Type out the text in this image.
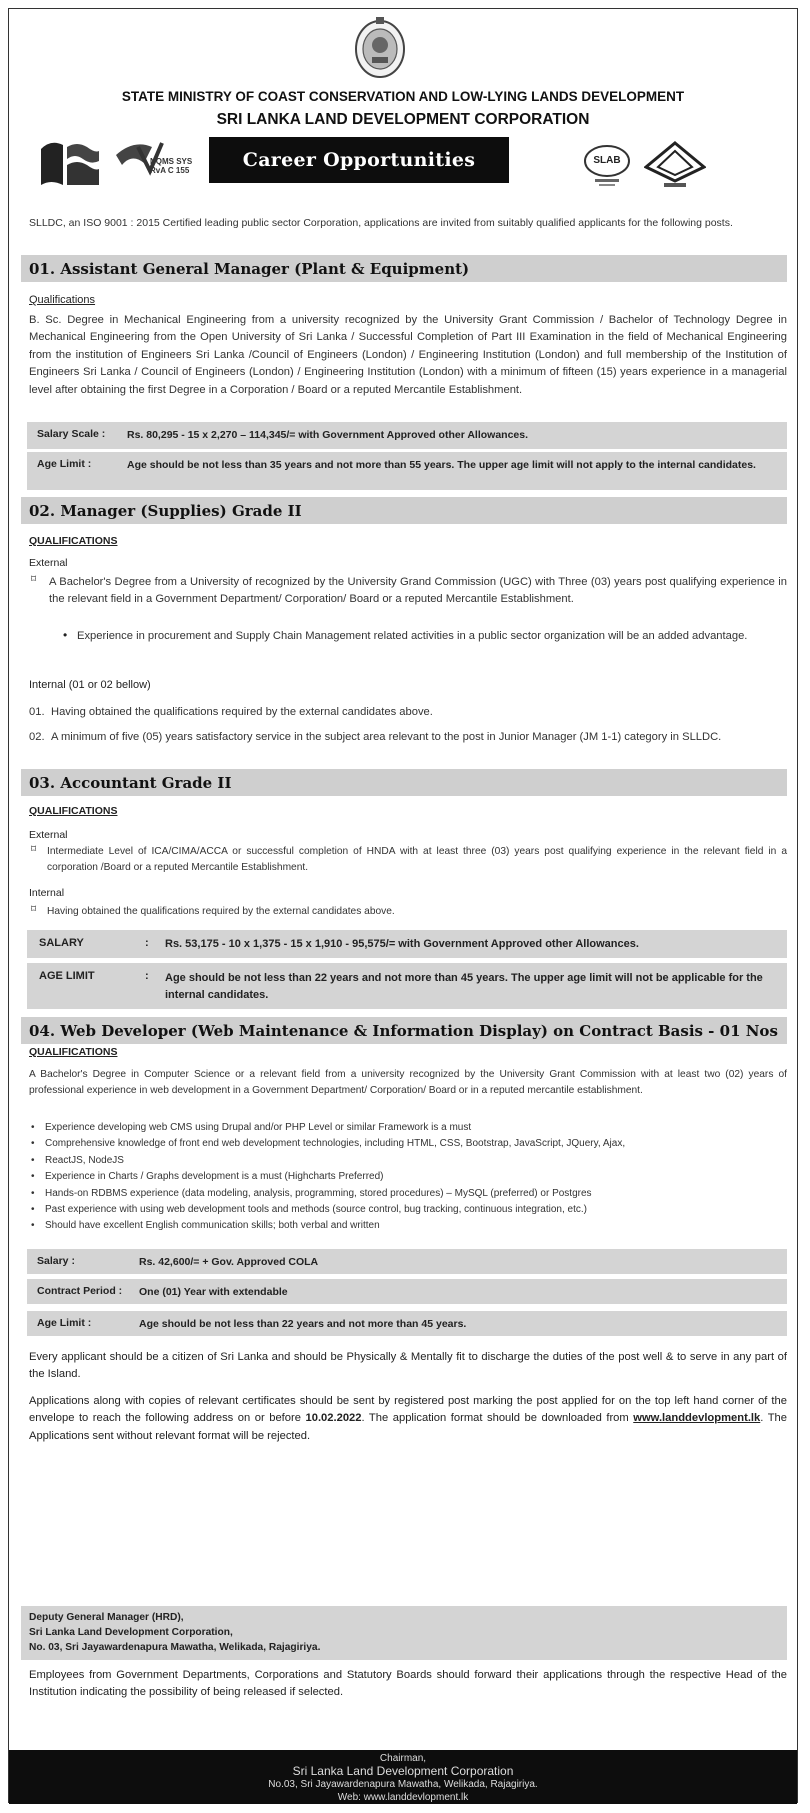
STATE MINISTRY OF COAST CONSERVATION AND LOW-LYING LANDS DEVELOPMENT
SRI LANKA LAND DEVELOPMENT CORPORATION
NQMS SYS RvA C 155	Career Opportunities	SLAB
SLLDC, an ISO 9001 : 2015 Certified leading public sector Corporation, applications are invited from suitably qualified applicants for the following posts.
01. Assistant General Manager (Plant & Equipment)
Qualifications
B. Sc. Degree in Mechanical Engineering from a university recognized by the University Grant Commission / Bachelor of Technology Degree in Mechanical Engineering from the Open University of Sri Lanka / Successful Completion of Part III Examination in the field of Mechanical Engineering from the institution of Engineers Sri Lanka /Council of Engineers (London) / Engineering Institution (London) and full membership of the Institution of Engineers Sri Lanka / Council of Engineers (London) / Engineering Institution (London) with a minimum of fifteen (15) years experience in a managerial level after obtaining the first Degree in a Corporation / Board or a reputed Mercantile Establishment.
Salary Scale : Rs. 80,295 - 15 x 2,270 – 114,345/= with Government Approved other Allowances.
Age Limit :	Age should be not less than 35 years and not more than 55 years. The upper age limit will not apply to the internal candidates.
02. Manager (Supplies) Grade II
QUALIFICATIONS
External
⌑ A Bachelor's Degree from a University of recognized by the University Grand Commission (UGC) with Three (03) years post qualifying experience in the relevant field in a Government Department/ Corporation/ Board or a reputed Mercantile Establishment.
• Experience in procurement and Supply Chain Management related activities in a public sector organization will be an added advantage.
Internal (01 or 02 bellow)
01. Having obtained the qualifications required by the external candidates above.
02. A minimum of five (05) years satisfactory service in the subject area relevant to the post in Junior Manager (JM 1-1) category in SLLDC.
03. Accountant Grade II
QUALIFICATIONS
External
⌑ Intermediate Level of ICA/CIMA/ACCA or successful completion of HNDA with at least three (03) years post qualifying experience in the relevant field in a corporation /Board or a reputed Mercantile Establishment.
Internal
⌑ Having obtained the qualifications required by the external candidates above.
SALARY	: Rs. 53,175 - 10 x 1,375 - 15 x 1,910 - 95,575/= with Government Approved other Allowances.
AGE LIMIT	: Age should be not less than 22 years and not more than 45 years. The upper age limit will not be applicable for the internal candidates.
04. Web Developer (Web Maintenance & Information Display) on Contract Basis - 01 Nos
QUALIFICATIONS
A Bachelor's Degree in Computer Science or a relevant field from a university recognized by the University Grant Commission with at least two (02) years of professional experience in web development in a Government Department/ Corporation/ Board or in a reputed mercantile establishment.
• Experience developing web CMS using Drupal and/or PHP Level or similar Framework is a must
• Comprehensive knowledge of front end web development technologies, including HTML, CSS, Bootstrap, JavaScript, JQuery, Ajax,
• ReactJS, NodeJS
• Experience in Charts / Graphs development is a must (Highcharts Preferred)
• Hands-on RDBMS experience (data modeling, analysis, programming, stored procedures) – MySQL (preferred) or Postgres
• Past experience with using web development tools and methods (source control, bug tracking, continuous integration, etc.)
• Should have excellent English communication skills; both verbal and written
Salary :	Rs. 42,600/= + Gov. Approved COLA
Contract Period : One (01) Year with extendable
Age Limit :	Age should be not less than 22 years and not more than 45 years.
Every applicant should be a citizen of Sri Lanka and should be Physically & Mentally fit to discharge the duties of the post well & to serve in any part of the Island.
Applications along with copies of relevant certificates should be sent by registered post marking the post applied for on the top left hand corner of the envelope to reach the following address on or before 10.02.2022. The application format should be downloaded from www.landdevlopment.lk. The Applications sent without relevant format will be rejected.
Deputy General Manager (HRD),
Sri Lanka Land Development Corporation,
No. 03, Sri Jayawardenapura Mawatha, Welikada, Rajagiriya.
Employees from Government Departments, Corporations and Statutory Boards should forward their applications through the respective Head of the Institution indicating the possibility of being released if selected.
Chairman,
Sri Lanka Land Development Corporation
No.03, Sri Jayawardenapura Mawatha, Welikada, Rajagiriya.
Web: www.landdevlopment.lk
